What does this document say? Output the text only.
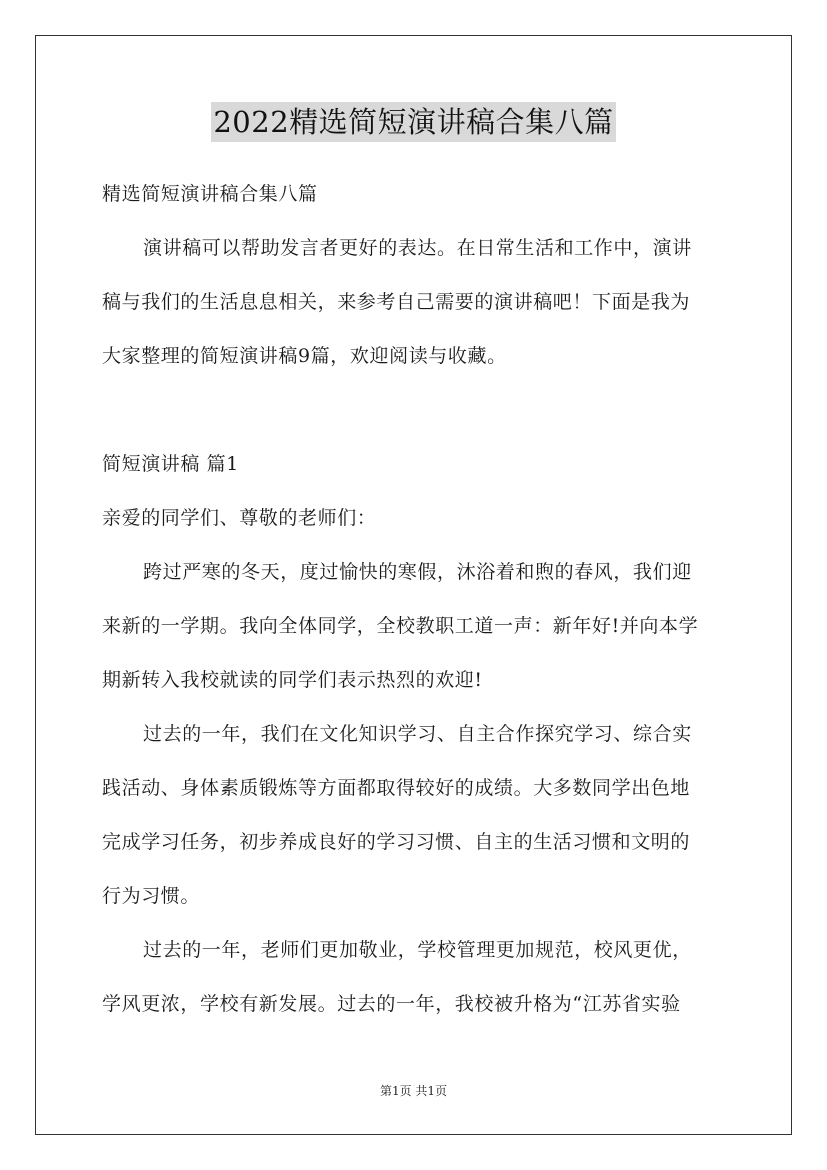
2022精选简短演讲稿合集八篇
精选简短演讲稿合集八篇
演讲稿可以帮助发言者更好的表达。在日常生活和工作中，演讲
稿与我们的生活息息相关，来参考自己需要的演讲稿吧！下面是我为
大家整理的简短演讲稿9篇，欢迎阅读与收藏。
简短演讲稿 篇1
亲爱的同学们、尊敬的老师们：
跨过严寒的冬天，度过愉快的寒假，沐浴着和煦的春风，我们迎
来新的一学期。我向全体同学，全校教职工道一声：新年好!并向本学
期新转入我校就读的同学们表示热烈的欢迎!
过去的一年，我们在文化知识学习、自主合作探究学习、综合实
践活动、身体素质锻炼等方面都取得较好的成绩。大多数同学出色地
完成学习任务，初步养成良好的学习习惯、自主的生活习惯和文明的
行为习惯。
过去的一年，老师们更加敬业，学校管理更加规范，校风更优，
学风更浓，学校有新发展。过去的一年，我校被升格为“江苏省实验
第1页 共1页
